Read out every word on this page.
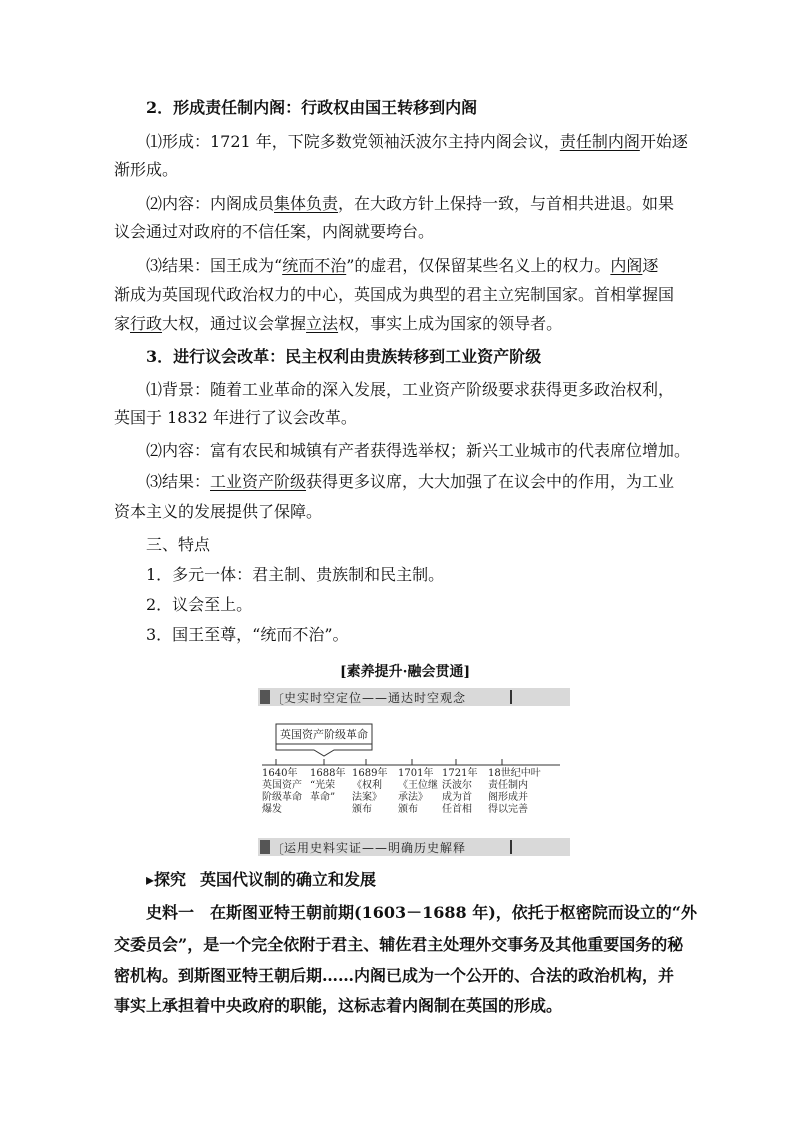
2．形成责任制内阁：行政权由国王转移到内阁
⑴形成：1721 年，下院多数党领袖沃波尔主持内阁会议，责任制内阁开始逐
渐形成。
⑵内容：内阁成员集体负责，在大政方针上保持一致，与首相共进退。如果
议会通过对政府的不信任案，内阁就要垮台。
⑶结果：国王成为“统而不治”的虚君，仅保留某些名义上的权力。内阁逐
渐成为英国现代政治权力的中心，英国成为典型的君主立宪制国家。首相掌握国
家行政大权，通过议会掌握立法权，事实上成为国家的领导者。
3．进行议会改革：民主权利由贵族转移到工业资产阶级
⑴背景：随着工业革命的深入发展，工业资产阶级要求获得更多政治权利，
英国于 1832 年进行了议会改革。
⑵内容：富有农民和城镇有产者获得选举权；新兴工业城市的代表席位增加。
⑶结果：工业资产阶级获得更多议席，大大加强了在议会中的作用，为工业
资本主义的发展提供了保障。
三、特点
1．多元一体：君主制、贵族制和民主制。
2．议会至上。
3．国王至尊，“统而不治”。
[素养提升·融会贯通]
〔 史实时空定位——通达时空观念
英国资产阶级革命
1640年
英国资产
阶级革命
爆发
1688年
“光荣
革命”
1689年
《权利
法案》
颁布
1701年
《王位继
承法》
颁布
1721年
沃波尔
成为首
任首相
18世纪中叶
责任制内
阁形成并
得以完善
〔 运用史料实证——明确历史解释
▸探究 英国代议制的确立和发展
史料一 在斯图亚特王朝前期(1603－1688 年)，依托于枢密院而设立的“外
交委员会”，是一个完全依附于君主、辅佐君主处理外交事务及其他重要国务的秘
密机构。到斯图亚特王朝后期……内阁已成为一个公开的、合法的政治机构，并
事实上承担着中央政府的职能，这标志着内阁制在英国的形成。
